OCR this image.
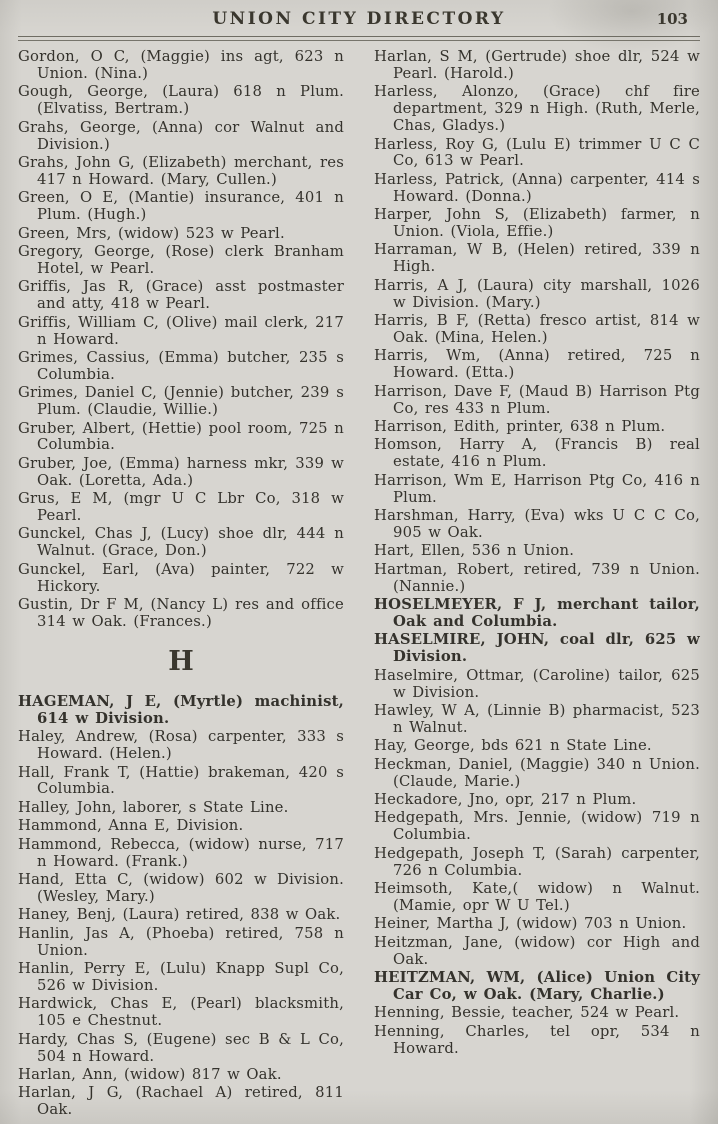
UNION CITY DIRECTORY	103

Gordon, O C, (Maggie) ins agt, 623 n Union. (Nina.)

Gough, George, (Laura) 618 n Plum. (Elvatiss, Bertram.)

Grahs, George, (Anna) cor Walnut and Division.)

Grahs, John G, (Elizabeth) merchant, res 417 n Howard. (Mary, Cullen.)

Green, O E, (Mantie) insurance, 401 n Plum. (Hugh.)

Green, Mrs, (widow) 523 w Pearl.

Gregory, George, (Rose) clerk Branham Hotel, w Pearl.

Griffis, Jas R, (Grace) asst postmaster and atty, 418 w Pearl.

Griffis, William C, (Olive) mail clerk, 217 n Howard.

Grimes, Cassius, (Emma) butcher, 235 s Columbia.

Grimes, Daniel C, (Jennie) butcher, 239 s Plum. (Claudie, Willie.)

Gruber, Albert, (Hettie) pool room, 725 n Columbia.

Gruber, Joe, (Emma) harness mkr, 339 w Oak. (Loretta, Ada.)

Grus, E M, (mgr U C Lbr Co, 318 w Pearl.

Gunckel, Chas J, (Lucy) shoe dlr, 444 n Walnut. (Grace, Don.)

Gunckel, Earl, (Ava) painter, 722 w Hickory.

Gustin, Dr F M, (Nancy L) res and office 314 w Oak. (Frances.)

H

HAGEMAN, J E, (Myrtle) machinist, 614 w Division.

Haley, Andrew, (Rosa) carpenter, 333 s Howard. (Helen.)

Hall, Frank T, (Hattie) brakeman, 420 s Columbia.

Halley, John, laborer, s State Line.

Hammond, Anna E, Division.

Hammond, Rebecca, (widow) nurse, 717 n Howard. (Frank.)

Hand, Etta C, (widow) 602 w Division. (Wesley, Mary.)

Haney, Benj, (Laura) retired, 838 w Oak.

Hanlin, Jas A, (Phoeba) retired, 758 n Union.

Hanlin, Perry E, (Lulu) Knapp Supl Co, 526 w Division.

Hardwick, Chas E, (Pearl) blacksmith, 105 e Chestnut.

Hardy, Chas S, (Eugene) sec B & L Co, 504 n Howard.

Harlan, Ann, (widow) 817 w Oak.

Harlan, J G, (Rachael A) retired, 811 Oak.

Harlan, S M, (Gertrude) shoe dlr, 524 w Pearl. (Harold.)

Harless, Alonzo, (Grace) chf fire department, 329 n High. (Ruth, Merle, Chas, Gladys.)

Harless, Roy G, (Lulu E) trimmer U C C Co, 613 w Pearl.

Harless, Patrick, (Anna) carpenter, 414 s Howard. (Donna.)

Harper, John S, (Elizabeth) farmer, n Union. (Viola, Effie.)

Harraman, W B, (Helen) retired, 339 n High.

Harris, A J, (Laura) city marshall, 1026 w Division. (Mary.)

Harris, B F, (Retta) fresco artist, 814 w Oak. (Mina, Helen.)

Harris, Wm, (Anna) retired, 725 n Howard. (Etta.)

Harrison, Dave F, (Maud B) Harrison Ptg Co, res 433 n Plum.

Harrison, Edith, printer, 638 n Plum.

Homson, Harry A, (Francis B) real estate, 416 n Plum.

Harrison, Wm E, Harrison Ptg Co, 416 n Plum.

Harshman, Harry, (Eva) wks U C C Co, 905 w Oak.

Hart, Ellen, 536 n Union.

Hartman, Robert, retired, 739 n Union. (Nannie.)

HOSELMEYER, F J, merchant tailor, Oak and Columbia.

HASELMIRE, JOHN, coal dlr, 625 w Division.

Haselmire, Ottmar, (Caroline) tailor, 625 w Division.

Hawley, W A, (Linnie B) pharmacist, 523 n Walnut.

Hay, George, bds 621 n State Line.

Heckman, Daniel, (Maggie) 340 n Union. (Claude, Marie.)

Heckadore, Jno, opr, 217 n Plum.

Hedgepath, Mrs. Jennie, (widow) 719 n Columbia.

Hedgepath, Joseph T, (Sarah) carpenter, 726 n Columbia.

Heimsoth, Kate,( widow) n Walnut. (Mamie, opr W U Tel.)

Heiner, Martha J, (widow) 703 n Union.

Heitzman, Jane, (widow) cor High and Oak.

HEITZMAN, WM, (Alice) Union City Car Co, w Oak. (Mary, Charlie.)

Henning, Bessie, teacher, 524 w Pearl.

Henning, Charles, tel opr, 534 n Howard.
